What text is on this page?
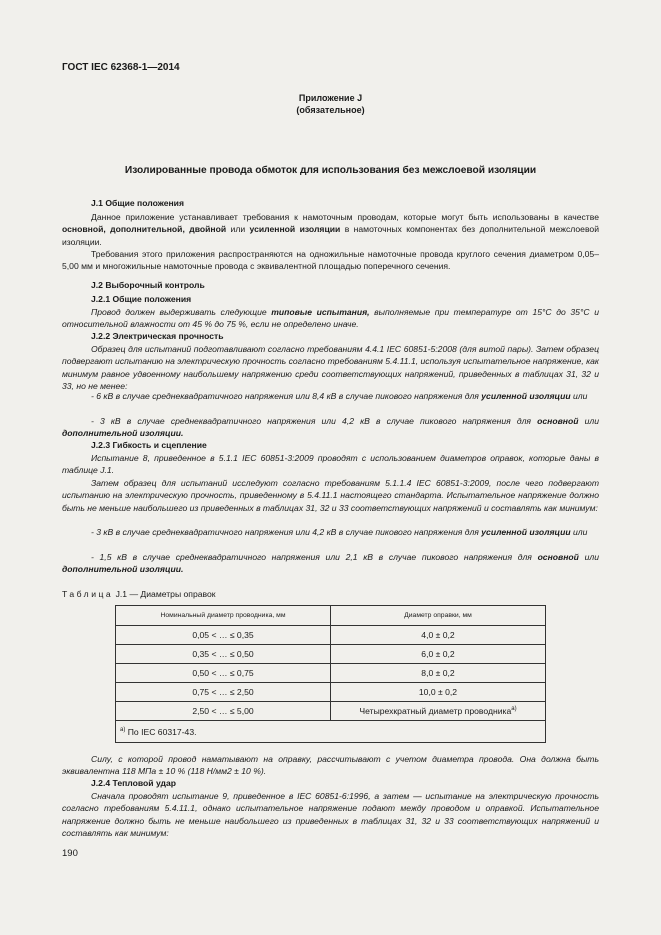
ГОСТ IEC 62368-1—2014
Приложение J
(обязательное)
Изолированные провода обмоток для использования без межслоевой изоляции
J.1 Общие положения

Данное приложение устанавливает требования к намоточным проводам, которые могут быть использованы в качестве основной, дополнительной, двойной или усиленной изоляции в намоточных компонентах без дополнительной межслоевой изоляции.

Требования этого приложения распространяются на одножильные намоточные провода круглого сечения диаметром 0,05–5,00 мм и многожильные намоточные провода с эквивалентной площадью поперечного сечения.

J.2 Выборочный контроль
J.2.1 Общие положения

Провод должен выдерживать следующие типовые испытания, выполняемые при температуре от 15°C до 35°C и относительной влажности от 45 % до 75 %, если не определено иначе.

J.2.2 Электрическая прочность

Образец для испытаний подготавливают согласно требованиям 4.4.1 IEC 60851-5:2008 (для витой пары). Затем образец подвергают испытанию на электрическую прочность согласно требованиям 5.4.11.1, используя испытательное напряжение, как минимум равное удвоенному наибольшему напряжению среди соответствующих напряжений, приведенных в таблицах 31, 32 и 33, но не менее:

- 6 кВ в случае среднеквадратичного напряжения или 8,4 кВ в случае пикового напряжения для усиленной изоляции или

- 3 кВ в случае среднеквадратичного напряжения или 4,2 кВ в случае пикового напряжения для основной или дополнительной изоляции.

J.2.3 Гибкость и сцепление

Испытание 8, приведенное в 5.1.1 IEC 60851-3:2009 проводят с использованием диаметров оправок, которые даны в таблице J.1.

Затем образец для испытаний исследуют согласно требованиям 5.1.1.4 IEC 60851-3:2009, после чего подвергают испытанию на электрическую прочность, приведенному в 5.4.11.1 настоящего стандарта. Испытательное напряжение должно быть не меньше наибольшего из приведенных в таблицах 31, 32 и 33 соответствующих напряжений и составлять как минимум:

- 3 кВ в случае среднеквадратичного напряжения или 4,2 кВ в случае пикового напряжения для усиленной изоляции или

- 1,5 кВ в случае среднеквадратичного напряжения или 2,1 кВ в случае пикового напряжения для основной или дополнительной изоляции.

Таблица J.1 — Диаметры оправок
Номинальный диаметр проводника, мм	Диаметр оправки, мм
0,05 < … ≤ 0,35	4,0 ± 0,2
0,35 < … ≤ 0,50	6,0 ± 0,2
0,50 < … ≤ 0,75	8,0 ± 0,2
0,75 < … ≤ 2,50	10,0 ± 0,2
2,50 < … ≤ 5,00	Четырехкратный диаметр проводника$^{a)}$
$^{a)}$ По IEC 60317-43.	

Силу, с которой провод наматывают на оправку, рассчитывают с учетом диаметра провода. Она должна быть эквивалентна 118 МПа ± 10 % (118 Н/мм2 ± 10 %).

J.2.4 Тепловой удар

Сначала проводят испытание 9, приведенное в IEC 60851-6:1996, а затем — испытание на электрическую прочность согласно требованиям 5.4.11.1, однако испытательное напряжение подают между проводом и оправкой. Испытательное напряжение должно быть не меньше наибольшего из приведенных в таблицах 31, 32 и 33 соответствующих напряжений и составлять как минимум:

190
